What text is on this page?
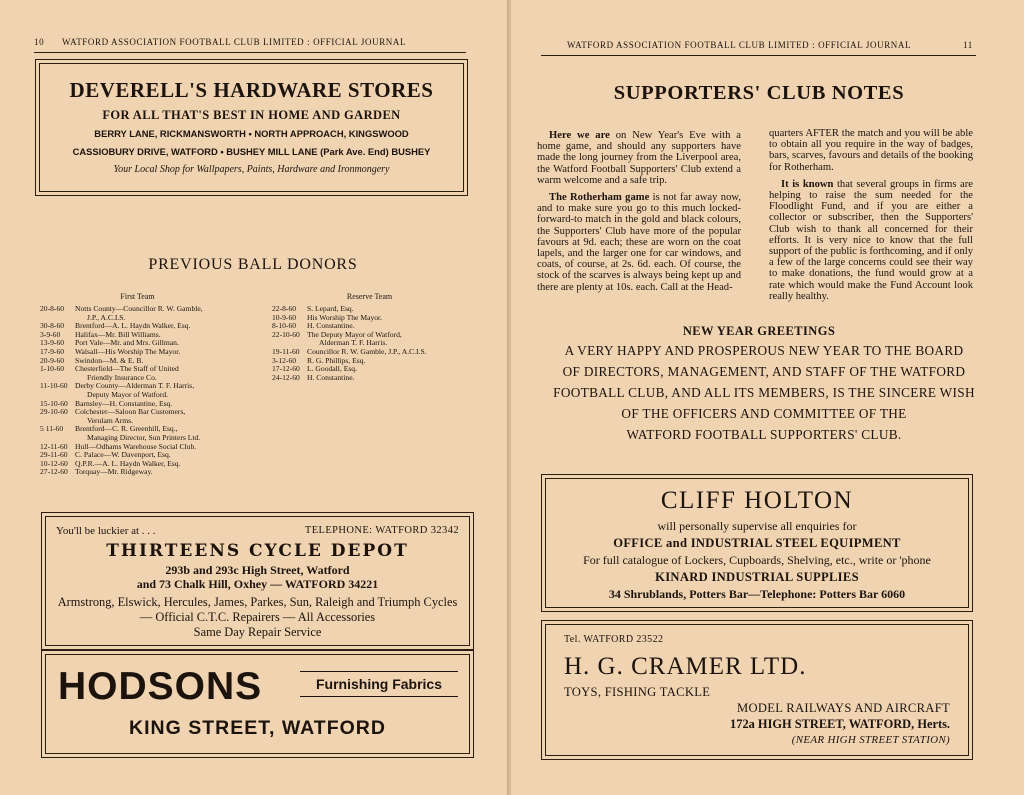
10 WATFORD ASSOCIATION FOOTBALL CLUB LIMITED : OFFICIAL JOURNAL
DEVERELL'S HARDWARE STORES
FOR ALL THAT'S BEST IN HOME AND GARDEN
BERRY LANE, RICKMANSWORTH • NORTH APPROACH, KINGSWOOD
CASSIOBURY DRIVE, WATFORD • BUSHEY MILL LANE (Park Ave. End) BUSHEY
Your Local Shop for Wallpapers, Paints, Hardware and Ironmongery
PREVIOUS BALL DONORS
First Team	Reserve Team
20-8-60	Notts County—Councillor R. W. Gamble,
J.P., A.C.I.S.
30-8-60	Brentford—A. L. Haydn Walker, Esq.
3-9-60	Halifax—Mr. Bill Williams.
13-9-60	Port Vale—Mr. and Mrs. Gillman.
17-9-60	Walsall—His Worship The Mayor.
20-9-60	Swindon—M. & E. B.
1-10-60	Chesterfield—The Staff of United
Friendly Insurance Co.
11-10-60 Derby County—Alderman T. F. Harris,
Deputy Mayor of Watford.
15-10-60 Barnsley—H. Constantine, Esq.
29-10-60 Colchester—Saloon Bar Customers,
Verulam Arms.
5 11-60	Brentford—C. R. Greenhill, Esq.,
Managing Director, Sun Printers Ltd.
12-11-60 Hull—Odhams Warehouse Social Club.
29-11-60 C. Palace—W. Davenport, Esq.
10-12-60 Q.P.R.—A. L. Haydn Walker, Esq.
27-12-60 Torquay—Mr. Ridgeway.
22-8-60	S. Lepard, Esq.
10-9-60	His Worship The Mayor.
8-10-60	H. Constantine.
22-10-60 The Deputy Mayor of Watford,
Alderman T. F. Harris.
19-11-60 Councillor R. W. Gamble, J.P., A.C.I.S.
3-12-60	R. G. Phillips, Esq.
17-12-60 L. Goodall, Esq.
24-12-60 H. Constantine.
You'll be luckier at . . .	TELEPHONE: WATFORD 32342
THIRTEENS CYCLE DEPOT
293b and 293c High Street, Watford
and 73 Chalk Hill, Oxhey — WATFORD 34221
Armstrong, Elswick, Hercules, James, Parkes, Sun, Raleigh and Triumph Cycles — Official C.T.C. Repairers — All Accessories
Same Day Repair Service
HODSONS	Furnishing Fabrics
KING STREET, WATFORD
WATFORD ASSOCIATION FOOTBALL CLUB LIMITED : OFFICIAL JOURNAL	11
SUPPORTERS' CLUB NOTES

Here we are on New Year's Eve with a home game, and should any supporters have made the long journey from the Liverpool area, the Watford Football Supporters' Club extend a warm welcome and a safe trip.

The Rotherham game is not far away now, and to make sure you go to this much locked-forward-to match in the gold and black colours, the Supporters' Club have more of the popular favours at 9d. each; these are worn on the coat lapels, and the larger one for car windows, and coats, of course, at 2s. 6d. each. Of course, the stock of the scarves is always being kept up and there are plenty at 10s. each. Call at the Head-

quarters AFTER the match and you will be able to obtain all you require in the way of badges, bars, scarves, favours and details of the booking for Rotherham.

It is known that several groups in firms are helping to raise the sum needed for the Floodlight Fund, and if you are either a collector or subscriber, then the Supporters' Club wish to thank all concerned for their efforts. It is very nice to know that the full support of the public is forthcoming, and if only a few of the large concerns could see their way to make donations, the fund would grow at a rate which would make the Fund Account look really healthy.

NEW YEAR GREETINGS
A VERY HAPPY AND PROSPEROUS NEW YEAR TO THE BOARD
OF DIRECTORS, MANAGEMENT, AND STAFF OF THE WATFORD
FOOTBALL CLUB, AND ALL ITS MEMBERS, IS THE SINCERE WISH
OF THE OFFICERS AND COMMITTEE OF THE
WATFORD FOOTBALL SUPPORTERS' CLUB.
CLIFF HOLTON
will personally supervise all enquiries for
OFFICE and INDUSTRIAL STEEL EQUIPMENT
For full catalogue of Lockers, Cupboards, Shelving, etc., write or 'phone
KINARD INDUSTRIAL SUPPLIES
34 Shrublands, Potters Bar—Telephone: Potters Bar 6060
Tel. WATFORD 23522
H. G. CRAMER LTD.
TOYS, FISHING TACKLE
MODEL RAILWAYS AND AIRCRAFT
172a HIGH STREET, WATFORD, Herts.
(NEAR HIGH STREET STATION)
